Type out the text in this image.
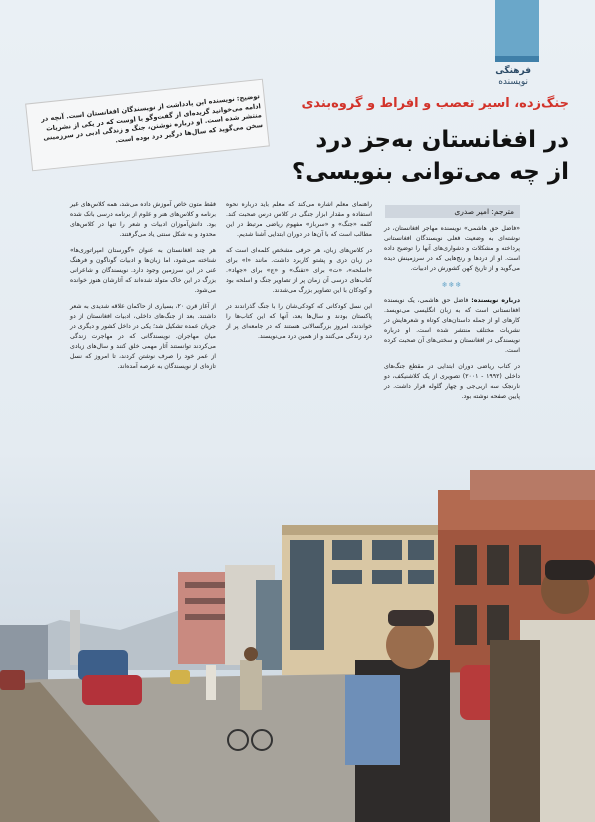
فرهنگی
نویسنده
جنگ‌زده، اسیر تعصب و افراط و گروه‌بندی
در افغانستان به‌جز درد
از چه می‌توانی بنویسی؟
توضیح: نویسنده این یادداشت از نویسندگان افغانستان است. آنچه در ادامه می‌خوانید گزیده‌ای از گفت‌وگو با اوست که در یکی از نشریات منتشر شده است. او درباره نوشتن، جنگ و زندگی ادبی در سرزمینی سخن می‌گوید که سال‌ها درگیر درد بوده است.
مترجم: امیر صدری

«فاضل حق هاشمی» نویسنده مهاجر افغانستان، در نوشته‌ای به وضعیت فعلی نویسندگان افغانستانی پرداخته و مشکلات و دشواری‌های آنها را توضیح داده است. او از دردها و رنج‌هایی که در سرزمینش دیده می‌گوید و از تاریخ کهن کشورش در ادبیات.

❄❄❄

درباره نویسنده: فاضل حق هاشمی، یک نویسنده افغانستانی است که به زبان انگلیسی می‌نویسد. کارهای او از جمله داستان‌های کوتاه و شعرهایش در نشریات مختلف منتشر شده است. او درباره نویسندگی در افغانستان و سختی‌های آن صحبت کرده است.

در کتاب ریاضی دوران ابتدایی در مقطع جنگ‌های داخلی (۱۹۹۲ - ۲۰۰۱) تصویری از یک کلاشنیکف، دو نارنجک سه اربی‌جی و چهار گلوله قرار داشت. در پایین صفحه نوشته بود.

راهنمای معلم اشاره می‌کند که معلم باید درباره نحوه استفاده و مقدار ابزار جنگی در کلاس درس صحبت کند. کلمه «جنگ» و «سرباز» مفهوم ریاضی مرتبط در این مطالب است که با آن‌ها در دوران ابتدایی آشنا شدیم.

در کلاس‌های زبان، هر حرفی مشخص کلمه‌ای است که در زبان دری و پشتو کاربرد داشت. مانند «ا» برای «اسلحه»، «ت» برای «تفنگ» و «ج» برای «جهاد». کتاب‌های درسی آن زمان پر از تصاویر جنگ و اسلحه بود و کودکان با این تصاویر بزرگ می‌شدند.

این نسل کودکانی که کودکی‌شان را با جنگ گذراندند در پاکستان بودند و سال‌ها بعد، آنها که این کتاب‌ها را خواندند، امروز بزرگسالانی هستند که در جامعه‌ای پر از درد زندگی می‌کنند و از همین درد می‌نویسند.

فقط متون خاص آموزش داده می‌شد، همه کلاس‌های غیر برنامه و کلاس‌های هنر و علوم از برنامه درسی بانک شده بود. دانش‌آموزان ادبیات و شعر را تنها در کلاس‌های محدود و به شکل سنتی یاد می‌گرفتند.

هر چند افغانستان به عنوان «گورستان امپراتوری‌ها» شناخته می‌شود، اما زبان‌ها و ادبیات گوناگون و فرهنگ غنی در این سرزمین وجود دارد. نویسندگان و شاعرانی بزرگ در این خاک متولد شده‌اند که آثارشان هنوز خوانده می‌شود.

از آغاز قرن ۲۰، بسیاری از حاکمان علاقه شدیدی به شعر داشتند. بعد از جنگ‌های داخلی، ادبیات افغانستان از دو جریان عمده تشکیل شد؛ یکی در داخل کشور و دیگری در میان مهاجران. نویسندگانی که در مهاجرت زندگی می‌کردند توانستند آثار مهمی خلق کنند و سال‌های زیادی از عمر خود را صرف نوشتن کردند، تا امروز که نسل تازه‌ای از نویسندگان به عرصه آمده‌اند.
